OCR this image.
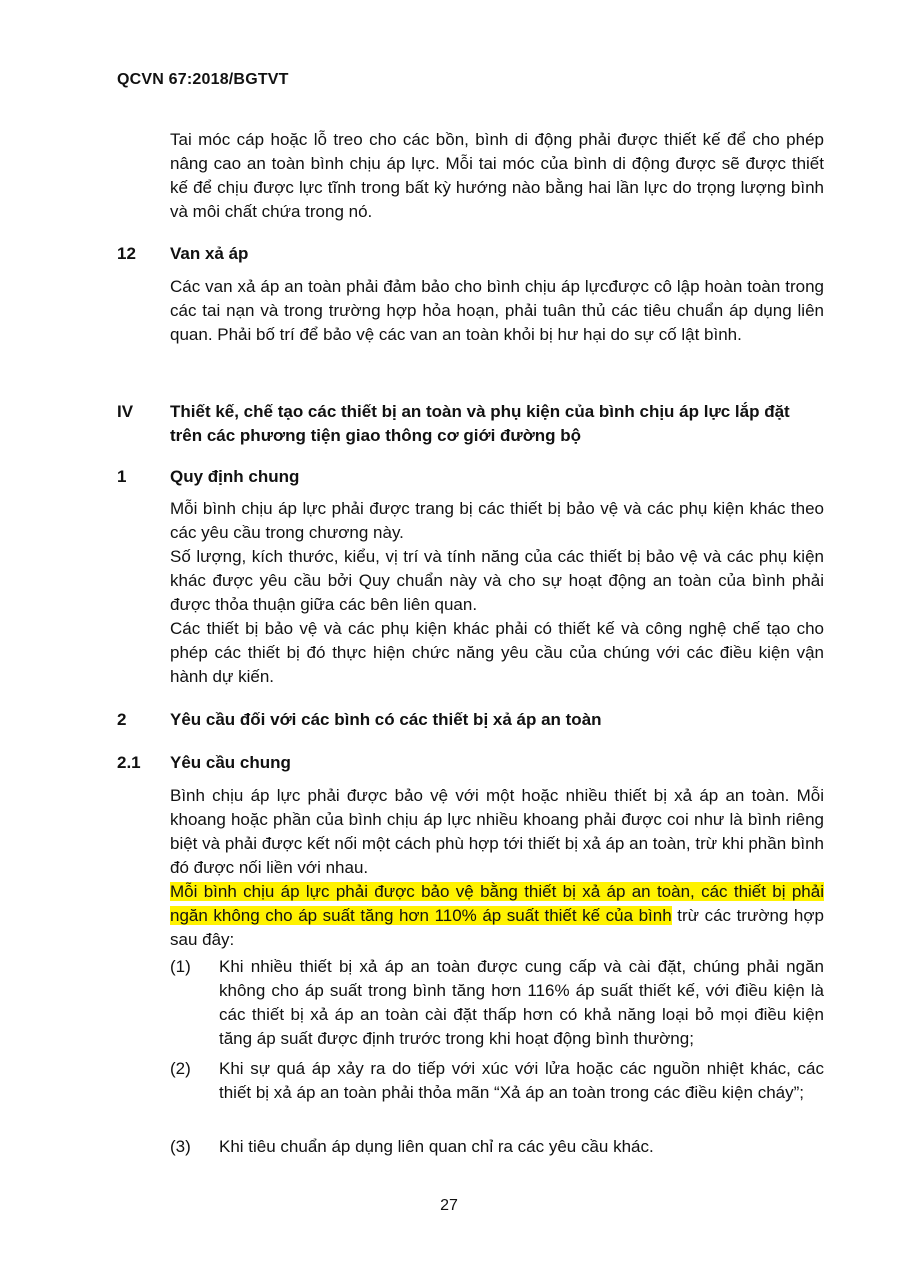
QCVN 67:2018/BGTVT

Tai móc cáp hoặc lỗ treo cho các bồn, bình di động phải được thiết kế để cho phép nâng cao an toàn bình chịu áp lực. Mỗi tai móc của bình di động được sẽ được thiết kế để chịu được lực tĩnh trong bất kỳ hướng nào bằng hai lần lực do trọng lượng bình và môi chất chứa trong nó.

12 Van xả áp

Các van xả áp an toàn phải đảm bảo cho bình chịu áp lựcđược cô lập hoàn toàn trong các tai nạn và trong trường hợp hỏa hoạn, phải tuân thủ các tiêu chuẩn áp dụng liên quan. Phải bố trí để bảo vệ các van an toàn khỏi bị hư hại do sự cố lật bình.

IV Thiết kế, chế tạo các thiết bị an toàn và phụ kiện của bình chịu áp lực lắp đặt trên các phương tiện giao thông cơ giới đường bộ
1	Quy định chung

Mỗi bình chịu áp lực phải được trang bị các thiết bị bảo vệ và các phụ kiện khác theo các yêu cầu trong chương này.

Số lượng, kích thước, kiểu, vị trí và tính năng của các thiết bị bảo vệ và các phụ kiện khác được yêu cầu bởi Quy chuẩn này và cho sự hoạt động an toàn của bình phải được thỏa thuận giữa các bên liên quan.

Các thiết bị bảo vệ và các phụ kiện khác phải có thiết kế và công nghệ chế tạo cho phép các thiết bị đó thực hiện chức năng yêu cầu của chúng với các điều kiện vận hành dự kiến.

2	Yêu cầu đối với các bình có các thiết bị xả áp an toàn
2.1 Yêu cầu chung

Bình chịu áp lực phải được bảo vệ với một hoặc nhiều thiết bị xả áp an toàn. Mỗi khoang hoặc phần của bình chịu áp lực nhiều khoang phải được coi như là bình riêng biệt và phải được kết nối một cách phù hợp tới thiết bị xả áp an toàn, trừ khi phần bình đó được nối liền với nhau.

Mỗi bình chịu áp lực phải được bảo vệ bằng thiết bị xả áp an toàn, các thiết bị phải ngăn không cho áp suất tăng hơn 110% áp suất thiết kế của bình trừ các trường hợp sau đây:

(1) Khi nhiều thiết bị xả áp an toàn được cung cấp và cài đặt, chúng phải ngăn không cho áp suất trong bình tăng hơn 116% áp suất thiết kế, với điều kiện là các thiết bị xả áp an toàn cài đặt thấp hơn có khả năng loại bỏ mọi điều kiện tăng áp suất được định trước trong khi hoạt động bình thường;
(2) Khi sự quá áp xảy ra do tiếp với xúc với lửa hoặc các nguồn nhiệt khác, các thiết bị xả áp an toàn phải thỏa mãn “Xả áp an toàn trong các điều kiện cháy”;
(3) Khi tiêu chuẩn áp dụng liên quan chỉ ra các yêu cầu khác.
27
